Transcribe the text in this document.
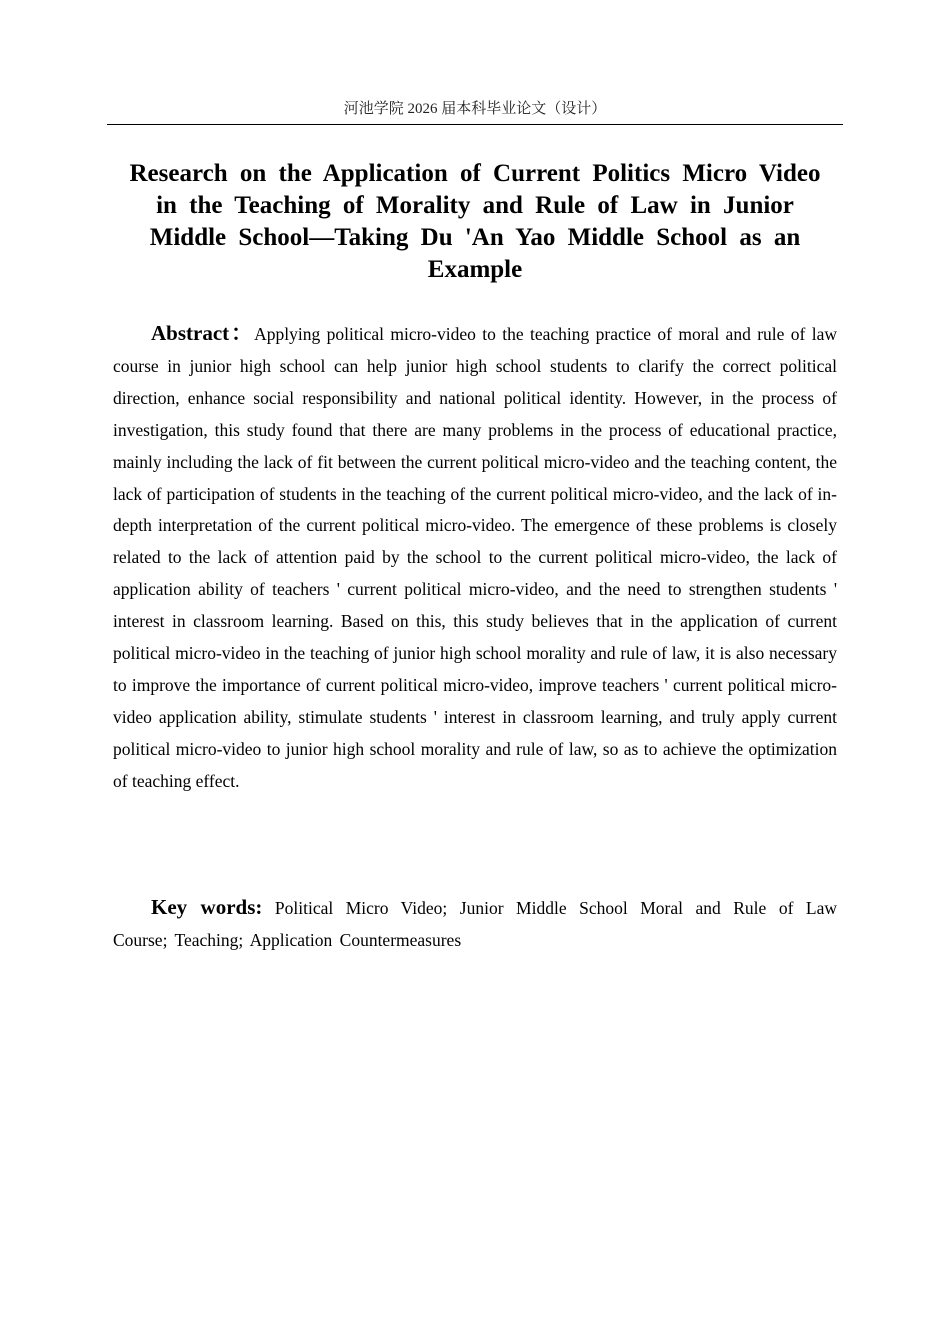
河池学院 2026 届本科毕业论文（设计）
Research on the Application of Current Politics Micro Video in the Teaching of Morality and Rule of Law in Junior Middle School—Taking Du 'An Yao Middle School as an Example

Abstract：Applying political micro-video to the teaching practice of moral and rule of law course in junior high school can help junior high school students to clarify the correct political direction, enhance social responsibility and national political identity. However, in the process of investigation, this study found that there are many problems in the process of educational practice, mainly including the lack of fit between the current political micro-video and the teaching content, the lack of participation of students in the teaching of the current political micro-video, and the lack of in-depth interpretation of the current political micro-video. The emergence of these problems is closely related to the lack of attention paid by the school to the current political micro-video, the lack of application ability of teachers ' current political micro-video, and the need to strengthen students ' interest in classroom learning. Based on this, this study believes that in the application of current political micro-video in the teaching of junior high school morality and rule of law, it is also necessary to improve the importance of current political micro-video, improve teachers ' current political micro-video application ability, stimulate students ' interest in classroom learning, and truly apply current political micro-video to junior high school morality and rule of law, so as to achieve the optimization of teaching effect.

Key words: Political Micro Video; Junior Middle School Moral and Rule of Law Course; Teaching; Application Countermeasures
